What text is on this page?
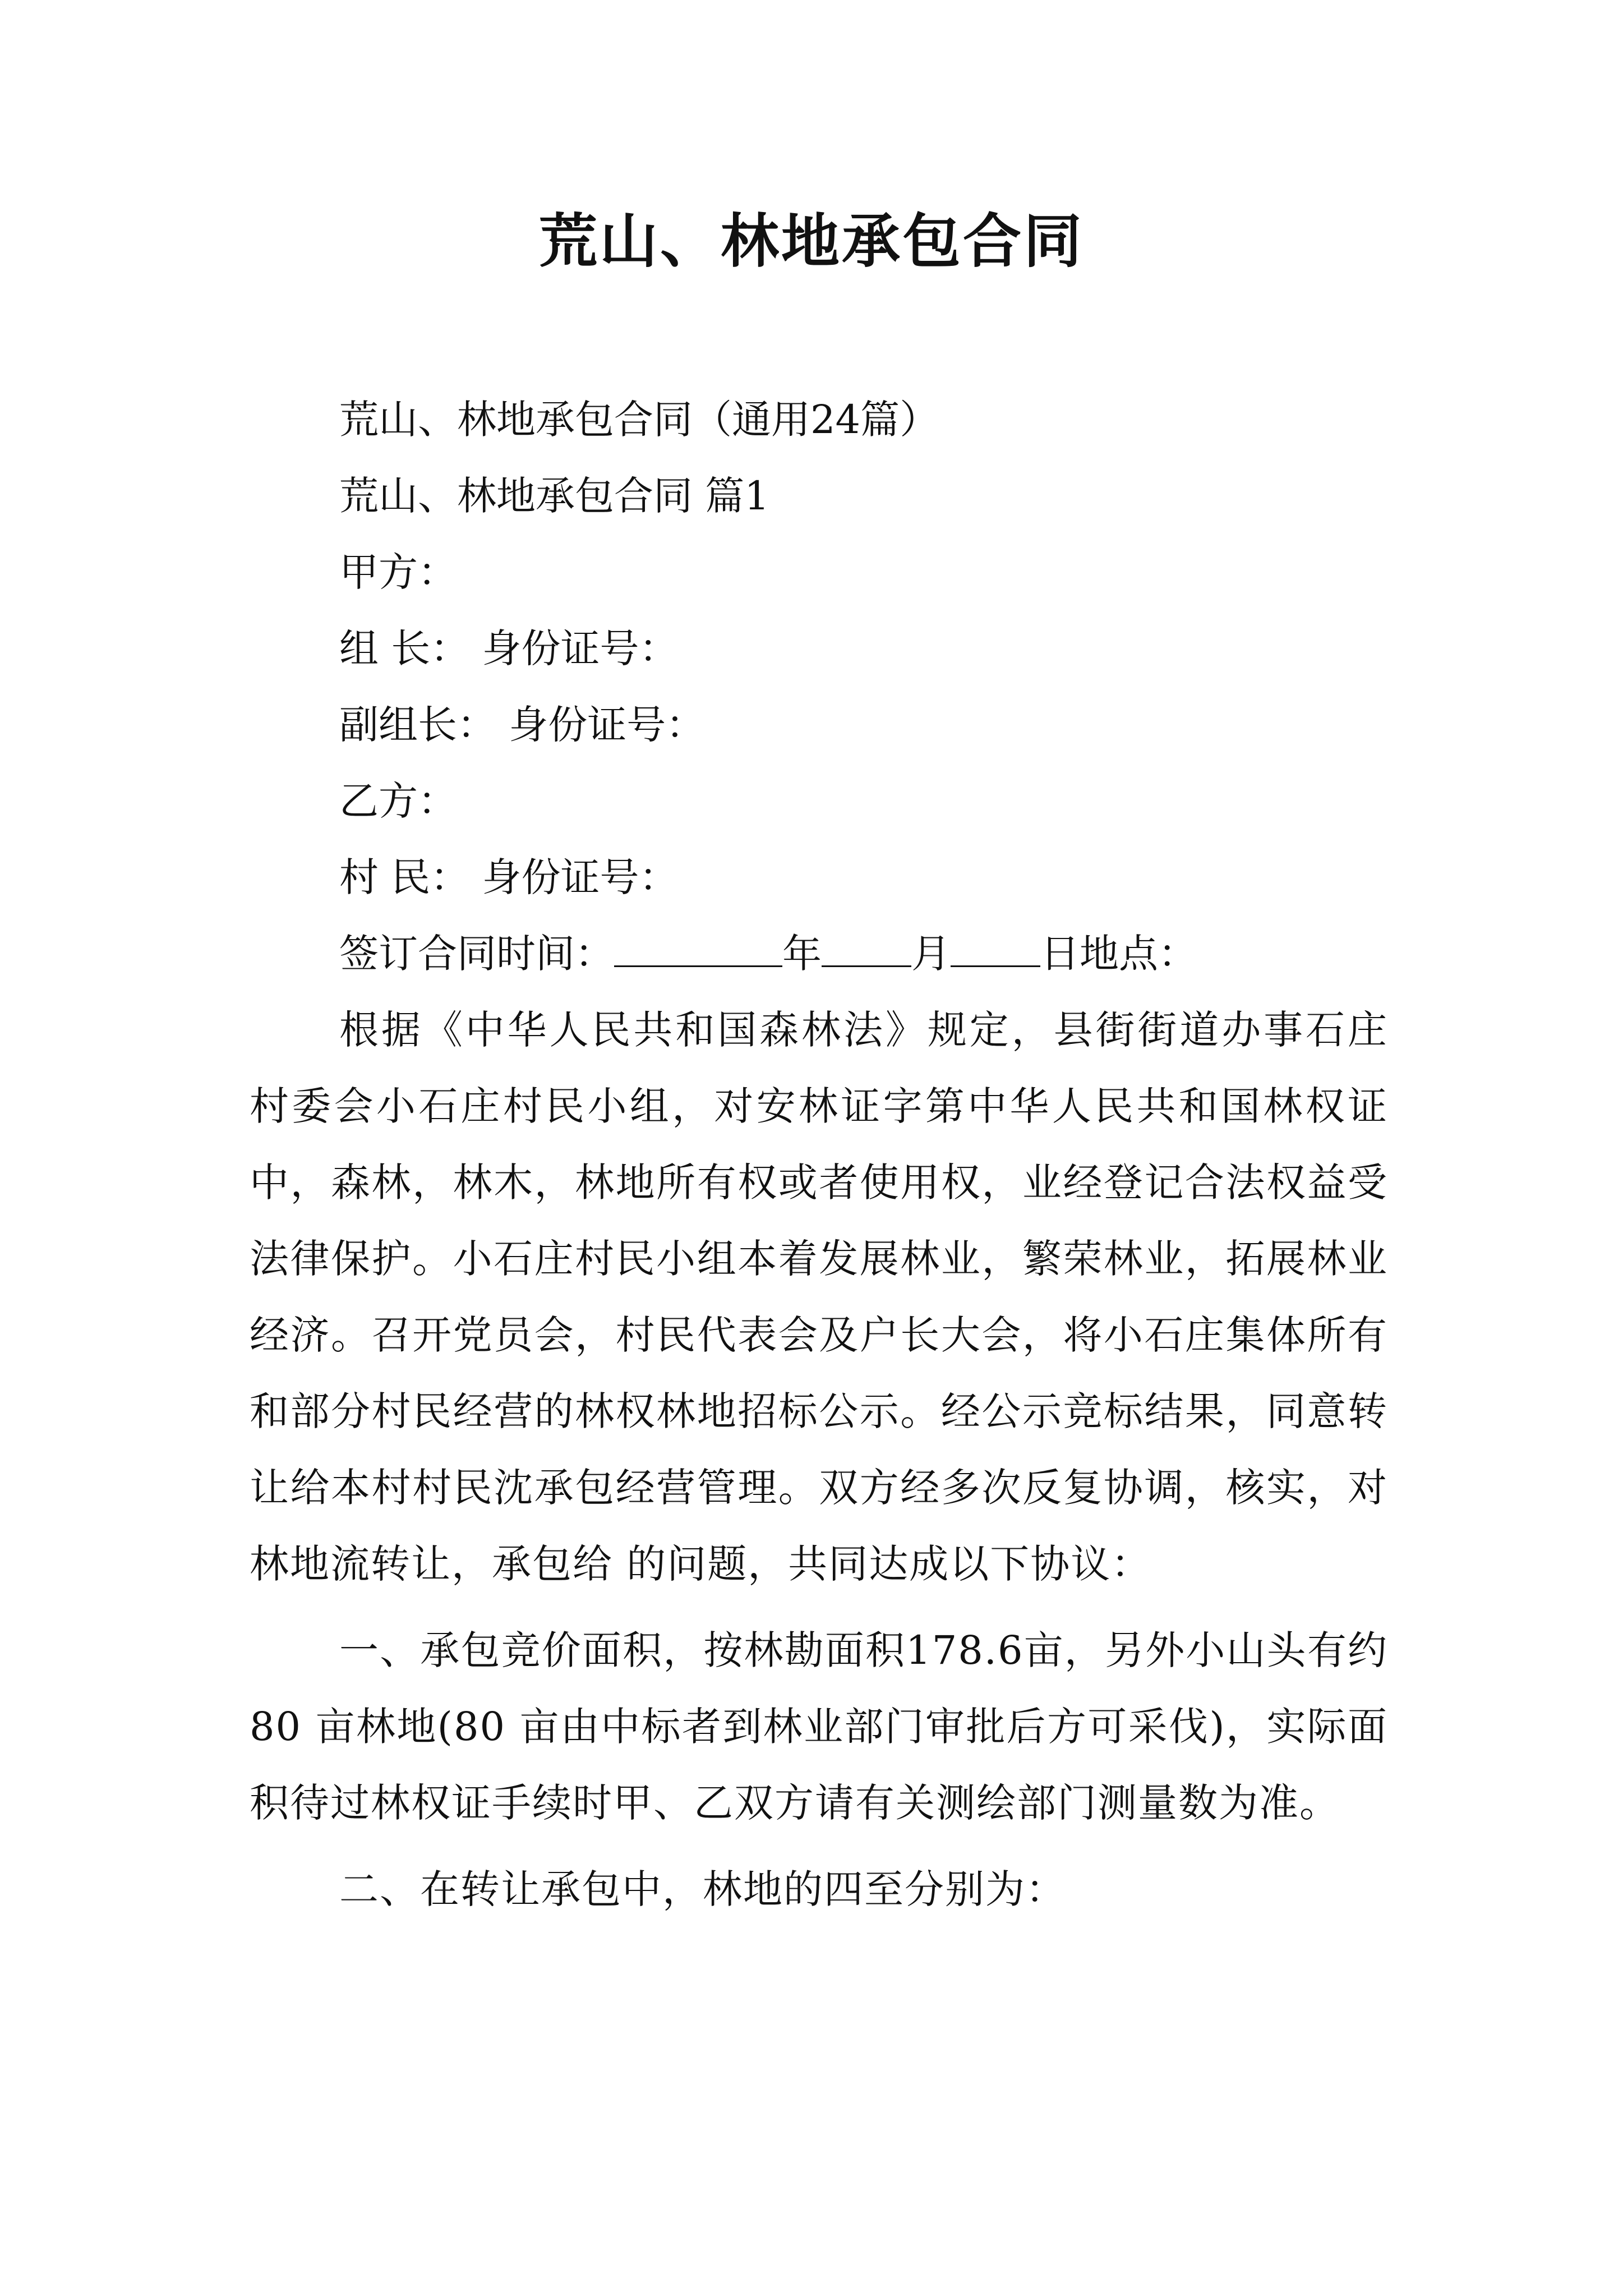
荒山、林地承包合同
荒山、林地承包合同（通用24篇）
荒山、林地承包合同 篇1
甲方：
组 长： 身份证号：
副组长： 身份证号：
乙方：
村 民： 身份证号：
签订合同时间：	年 月 日地点：
根据《中华人民共和国森林法》规定，县街街道办事石庄村委会小石庄村民小组，对安林证字第中华人民共和国林权证中，森林，林木，林地所有权或者使用权，业经登记合法权益受法律保护。小石庄村民小组本着发展林业，繁荣林业，拓展林业经济。召开党员会，村民代表会及户长大会，将小石庄集体所有和部分村民经营的林权林地招标公示。经公示竞标结果，同意转让给本村村民沈承包经营管理。双方经多次反复协调，核实，对林地流转让，承包给 的问题，共同达成以下协议：
一、承包竞价面积，按林勘面积178.6亩，另外小山头有约 80 亩林地(80 亩由中标者到林业部门审批后方可采伐)，实际面积待过林权证手续时甲、乙双方请有关测绘部门测量数为准。
二、在转让承包中，林地的四至分别为：
